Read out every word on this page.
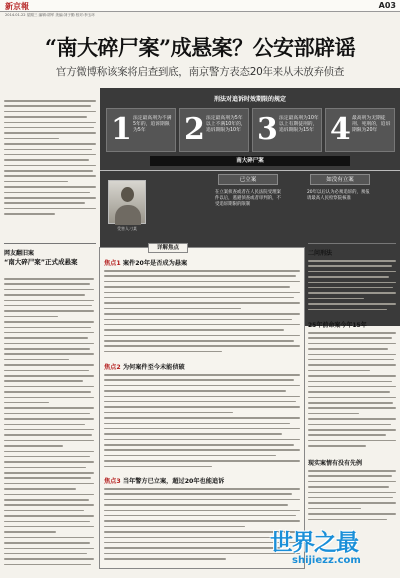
新京報	A03
2014.01.22 星期三 编辑:胡军 美编:刘子勤 校对:李玉环
“南大碎尸案”成悬案？公安部辟谣
官方微博称该案将启查到底，南京警方表态20年来从未放弃侦查
刑法对追诉时效期限的规定
1 法定最高刑为不满5年的，追诉期限为5年	2 法定最高刑为5年以上不满10年的，追诉期限为10年 3 法定最高刑为10年以上有期徒刑的，追诉期限为15年 4 最高刑为无期徒刑、死刑的，追诉期限为20年
南大碎尸案
受害人刁某
已立案	如没有立案
在立案侦查或者在人民法院受理案件以后，逃避侦查或者审判的，不受追诉期限的限制
20年以后认为必须追诉的，须报请最高人民检察院核准
网友翻旧案
“南大碎尸案”正式成悬案
详解焦点
焦点1 案件20年是否成为悬案
焦点2 为何案件至今未能侦破
焦点3 当年警方已立案，超过20年也能追诉
二问刑法
25年前命案今年15年
现实案情有没有先例
世界之最
shijiezz.com
